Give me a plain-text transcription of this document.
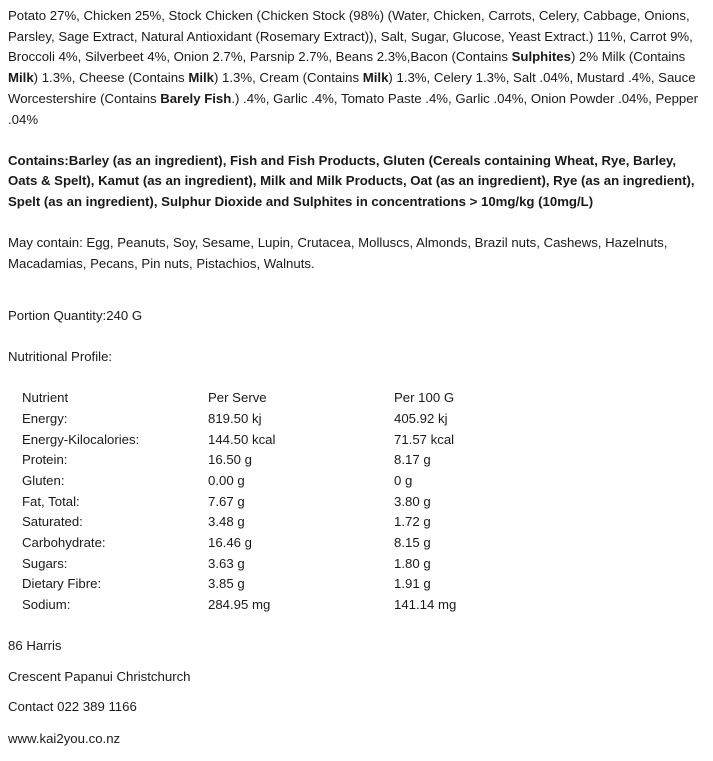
Potato 27%, Chicken 25%, Stock Chicken (Chicken Stock (98%) (Water, Chicken, Carrots, Celery, Cabbage, Onions, Parsley, Sage Extract, Natural Antioxidant (Rosemary Extract)), Salt, Sugar, Glucose, Yeast Extract.) 11%, Carrot 9%, Broccoli 4%, Silverbeet 4%, Onion 2.7%, Parsnip 2.7%, Beans 2.3%,Bacon (Contains Sulphites) 2% Milk (Contains Milk) 1.3%, Cheese (Contains Milk) 1.3%, Cream (Contains Milk) 1.3%, Celery 1.3%, Salt .04%, Mustard .4%, Sauce Worcestershire (Contains Barely Fish.) .4%, Garlic .4%, Tomato Paste .4%, Garlic .04%, Onion Powder .04%, Pepper .04%

Contains:Barley (as an ingredient), Fish and Fish Products, Gluten (Cereals containing Wheat, Rye, Barley, Oats & Spelt), Kamut (as an ingredient), Milk and Milk Products, Oat (as an ingredient), Rye (as an ingredient), Spelt (as an ingredient), Sulphur Dioxide and Sulphites in concentrations > 10mg/kg (10mg/L)

May contain: Egg, Peanuts, Soy, Sesame, Lupin, Crutacea, Molluscs, Almonds, Brazil nuts, Cashews, Hazelnuts, Macadamias, Pecans, Pin nuts, Pistachios, Walnuts.

Portion Quantity:240 G

Nutritional Profile:

Nutrient	Per Serve	Per 100 G
Energy:	819.50 kj	405.92 kj
Energy-Kilocalories:	144.50 kcal	71.57 kcal
Protein:	16.50 g	8.17 g
Gluten:	0.00 g	0 g
Fat, Total:	7.67 g	3.80 g
Saturated:	3.48 g	1.72 g
Carbohydrate:	16.46 g	8.15 g
Sugars:	3.63 g	1.80 g
Dietary Fibre:	3.85 g	1.91 g
Sodium:	284.95 mg	141.14 mg

86 Harris

Crescent Papanui Christchurch

Contact 022 389 1166

www.kai2you.co.nz
